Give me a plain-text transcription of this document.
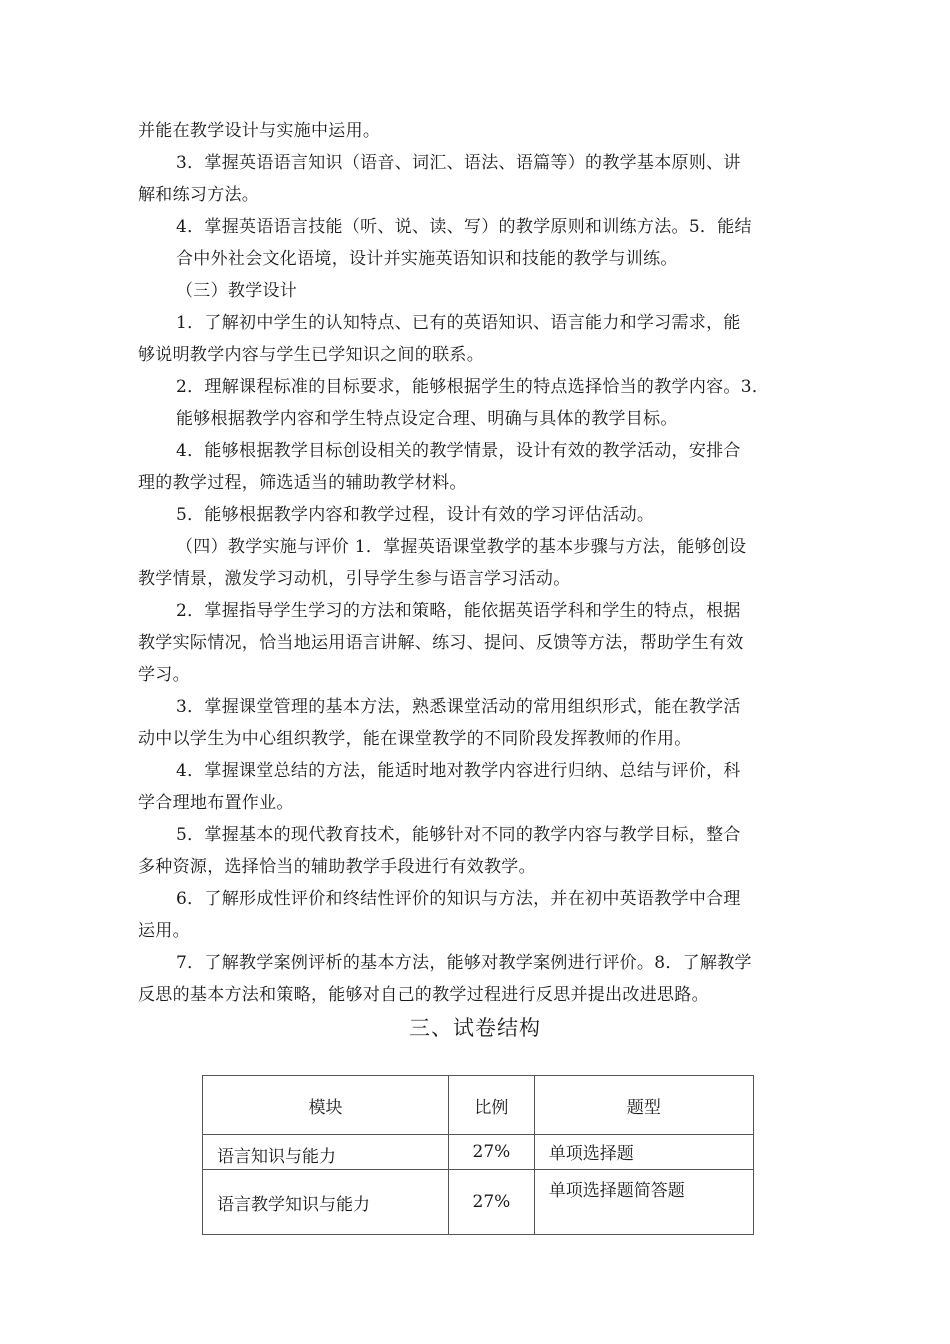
并能在教学设计与实施中运用。
3．掌握英语语言知识（语音、词汇、语法、语篇等）的教学基本原则、讲
解和练习方法。
4．掌握英语语言技能（听、说、读、写）的教学原则和训练方法。5．能结
合中外社会文化语境，设计并实施英语知识和技能的教学与训练。
（三）教学设计
1．了解初中学生的认知特点、已有的英语知识、语言能力和学习需求，能
够说明教学内容与学生已学知识之间的联系。
2．理解课程标准的目标要求，能够根据学生的特点选择恰当的教学内容。3．
能够根据教学内容和学生特点设定合理、明确与具体的教学目标。
4．能够根据教学目标创设相关的教学情景，设计有效的教学活动，安排合
理的教学过程，筛选适当的辅助教学材料。
5．能够根据教学内容和教学过程，设计有效的学习评估活动。
（四）教学实施与评价 1．掌握英语课堂教学的基本步骤与方法，能够创设
教学情景，激发学习动机，引导学生参与语言学习活动。
2．掌握指导学生学习的方法和策略，能依据英语学科和学生的特点，根据
教学实际情况，恰当地运用语言讲解、练习、提问、反馈等方法，帮助学生有效
学习。
3．掌握课堂管理的基本方法，熟悉课堂活动的常用组织形式，能在教学活
动中以学生为中心组织教学，能在课堂教学的不同阶段发挥教师的作用。
4．掌握课堂总结的方法，能适时地对教学内容进行归纳、总结与评价，科
学合理地布置作业。
5．掌握基本的现代教育技术，能够针对不同的教学内容与教学目标，整合
多种资源，选择恰当的辅助教学手段进行有效教学。
6．了解形成性评价和终结性评价的知识与方法，并在初中英语教学中合理
运用。
7．了解教学案例评析的基本方法，能够对教学案例进行评价。8．了解教学
反思的基本方法和策略，能够对自己的教学过程进行反思并提出改进思路。
三、试卷结构
模块	比例	题型
语言知识与能力	27%	单项选择题
语言教学知识与能力	27%	单项选择题简答题
